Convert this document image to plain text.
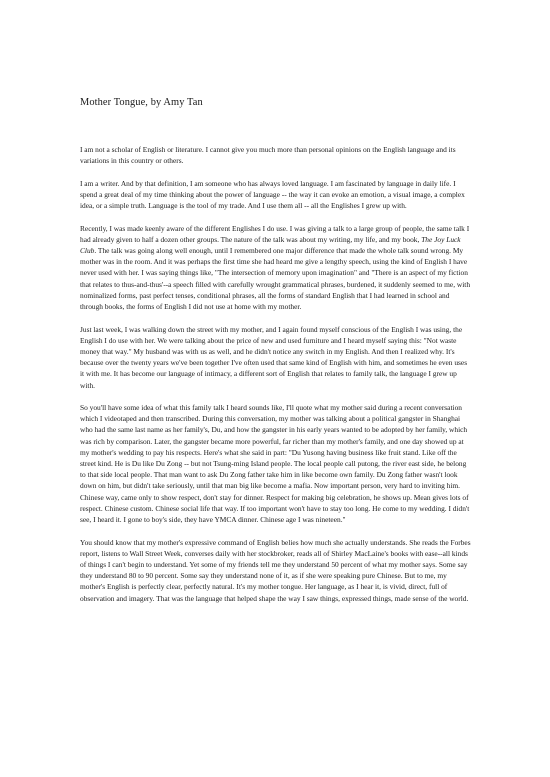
Mother Tongue, by Amy Tan

I am not a scholar of English or literature. I cannot give you much more than personal opinions on the English language and its variations in this country or others.

I am a writer. And by that definition, I am someone who has always loved language. I am fascinated by language in daily life. I spend a great deal of my time thinking about the power of language -- the way it can evoke an emotion, a visual image, a complex idea, or a simple truth. Language is the tool of my trade. And I use them all -- all the Englishes I grew up with.

Recently, I was made keenly aware of the different Englishes I do use. I was giving a talk to a large group of people, the same talk I had already given to half a dozen other groups. The nature of the talk was about my writing, my life, and my book, The Joy Luck Club. The talk was going along well enough, until I remembered one major difference that made the whole talk sound wrong. My mother was in the room. And it was perhaps the first time she had heard me give a lengthy speech, using the kind of English I have never used with her. I was saying things like, "The intersection of memory upon imagination" and "There is an aspect of my fiction that relates to thus-and-thus'--a speech filled with carefully wrought grammatical phrases, burdened, it suddenly seemed to me, with nominalized forms, past perfect tenses, conditional phrases, all the forms of standard English that I had learned in school and through books, the forms of English I did not use at home with my mother.

Just last week, I was walking down the street with my mother, and I again found myself conscious of the English I was using, the English I do use with her. We were talking about the price of new and used furniture and I heard myself saying this: "Not waste money that way." My husband was with us as well, and he didn't notice any switch in my English. And then I realized why. It's because over the twenty years we've been together I've often used that same kind of English with him, and sometimes he even uses it with me. It has become our language of intimacy, a different sort of English that relates to family talk, the language I grew up with.

So you'll have some idea of what this family talk I heard sounds like, I'll quote what my mother said during a recent conversation which I videotaped and then transcribed. During this conversation, my mother was talking about a political gangster in Shanghai who had the same last name as her family's, Du, and how the gangster in his early years wanted to be adopted by her family, which was rich by comparison. Later, the gangster became more powerful, far richer than my mother's family, and one day showed up at my mother's wedding to pay his respects. Here's what she said in part: "Du Yusong having business like fruit stand. Like off the street kind. He is Du like Du Zong -- but not Tsung-ming Island people. The local people call putong, the river east side, he belong to that side local people. That man want to ask Du Zong father take him in like become own family. Du Zong father wasn't look down on him, but didn't take seriously, until that man big like become a mafia. Now important person, very hard to inviting him. Chinese way, came only to show respect, don't stay for dinner. Respect for making big celebration, he shows up. Mean gives lots of respect. Chinese custom. Chinese social life that way. If too important won't have to stay too long. He come to my wedding. I didn't see, I heard it. I gone to boy's side, they have YMCA dinner. Chinese age I was nineteen."

You should know that my mother's expressive command of English belies how much she actually understands. She reads the Forbes report, listens to Wall Street Week, converses daily with her stockbroker, reads all of Shirley MacLaine's books with ease--all kinds of things I can't begin to understand. Yet some of my friends tell me they understand 50 percent of what my mother says. Some say they understand 80 to 90 percent. Some say they understand none of it, as if she were speaking pure Chinese. But to me, my mother's English is perfectly clear, perfectly natural. It's my mother tongue. Her language, as I hear it, is vivid, direct, full of observation and imagery. That was the language that helped shape the way I saw things, expressed things, made sense of the world.
